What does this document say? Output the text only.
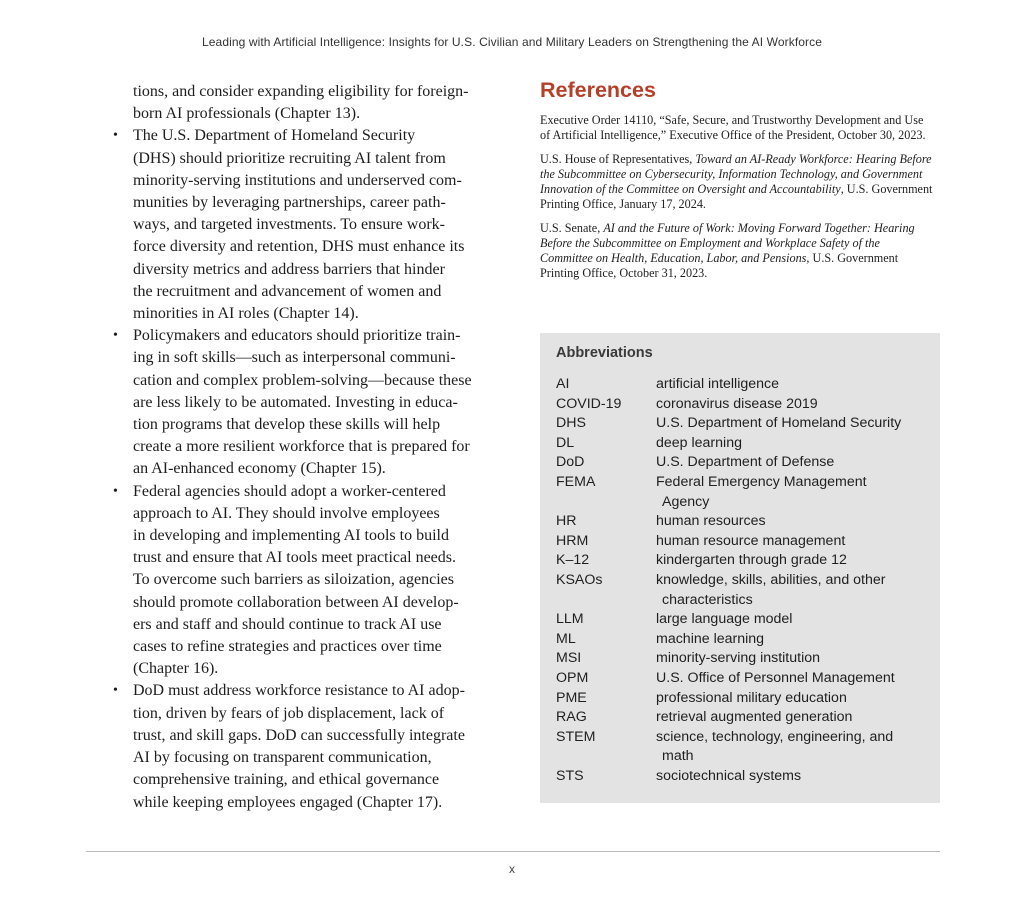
Leading with Artificial Intelligence: Insights for U.S. Civilian and Military Leaders on Strengthening the AI Workforce

tions, and consider expanding eligibility for foreign-
born AI professionals (Chapter 13).

• The U.S. Department of Homeland Security
(DHS) should prioritize recruiting AI talent from
minority-serving institutions and underserved com-
munities by leveraging partnerships, career path-
ways, and targeted investments. To ensure work-
force diversity and retention, DHS must enhance its
diversity metrics and address barriers that hinder
the recruitment and advancement of women and
minorities in AI roles (Chapter 14).
• Policymakers and educators should prioritize train-
ing in soft skills—such as interpersonal communi-
cation and complex problem-solving—because these
are less likely to be automated. Investing in educa-
tion programs that develop these skills will help
create a more resilient workforce that is prepared for
an AI-enhanced economy (Chapter 15).
• Federal agencies should adopt a worker-centered
approach to AI. They should involve employees
in developing and implementing AI tools to build
trust and ensure that AI tools meet practical needs.
To overcome such barriers as siloization, agencies
should promote collaboration between AI develop-
ers and staff and should continue to track AI use
cases to refine strategies and practices over time
(Chapter 16).
• DoD must address workforce resistance to AI adop-
tion, driven by fears of job displacement, lack of
trust, and skill gaps. DoD can successfully integrate
AI by focusing on transparent communication,
comprehensive training, and ethical governance
while keeping employees engaged (Chapter 17).
References

Executive Order 14110, “Safe, Secure, and Trustworthy Development and Use of Artificial Intelligence,” Executive Office of the President, October 30, 2023.

U.S. House of Representatives, Toward an AI-Ready Workforce: Hearing Before the Subcommittee on Cybersecurity, Information Technology, and Government Innovation of the Committee on Oversight and Accountability, U.S. Government Printing Office, January 17, 2024.

U.S. Senate, AI and the Future of Work: Moving Forward Together: Hearing Before the Subcommittee on Employment and Workplace Safety of the Committee on Health, Education, Labor, and Pensions, U.S. Government Printing Office, October 31, 2023.

Abbreviations
AI	artificial intelligence
COVID-19	coronavirus disease 2019
DHS	U.S. Department of Homeland Security
DL	deep learning
DoD	U.S. Department of Defense
FEMA	Federal Emergency Management
Agency

HR	human resources
HRM	human resource management
K–12	kindergarten through grade 12
KSAOs	knowledge, skills, abilities, and other
characteristics

LLM	large language model
ML	machine learning
MSI	minority-serving institution
OPM	U.S. Office of Personnel Management
PME	professional military education
RAG	retrieval augmented generation
STEM	science, technology, engineering, and
math

STS	sociotechnical systems
x
